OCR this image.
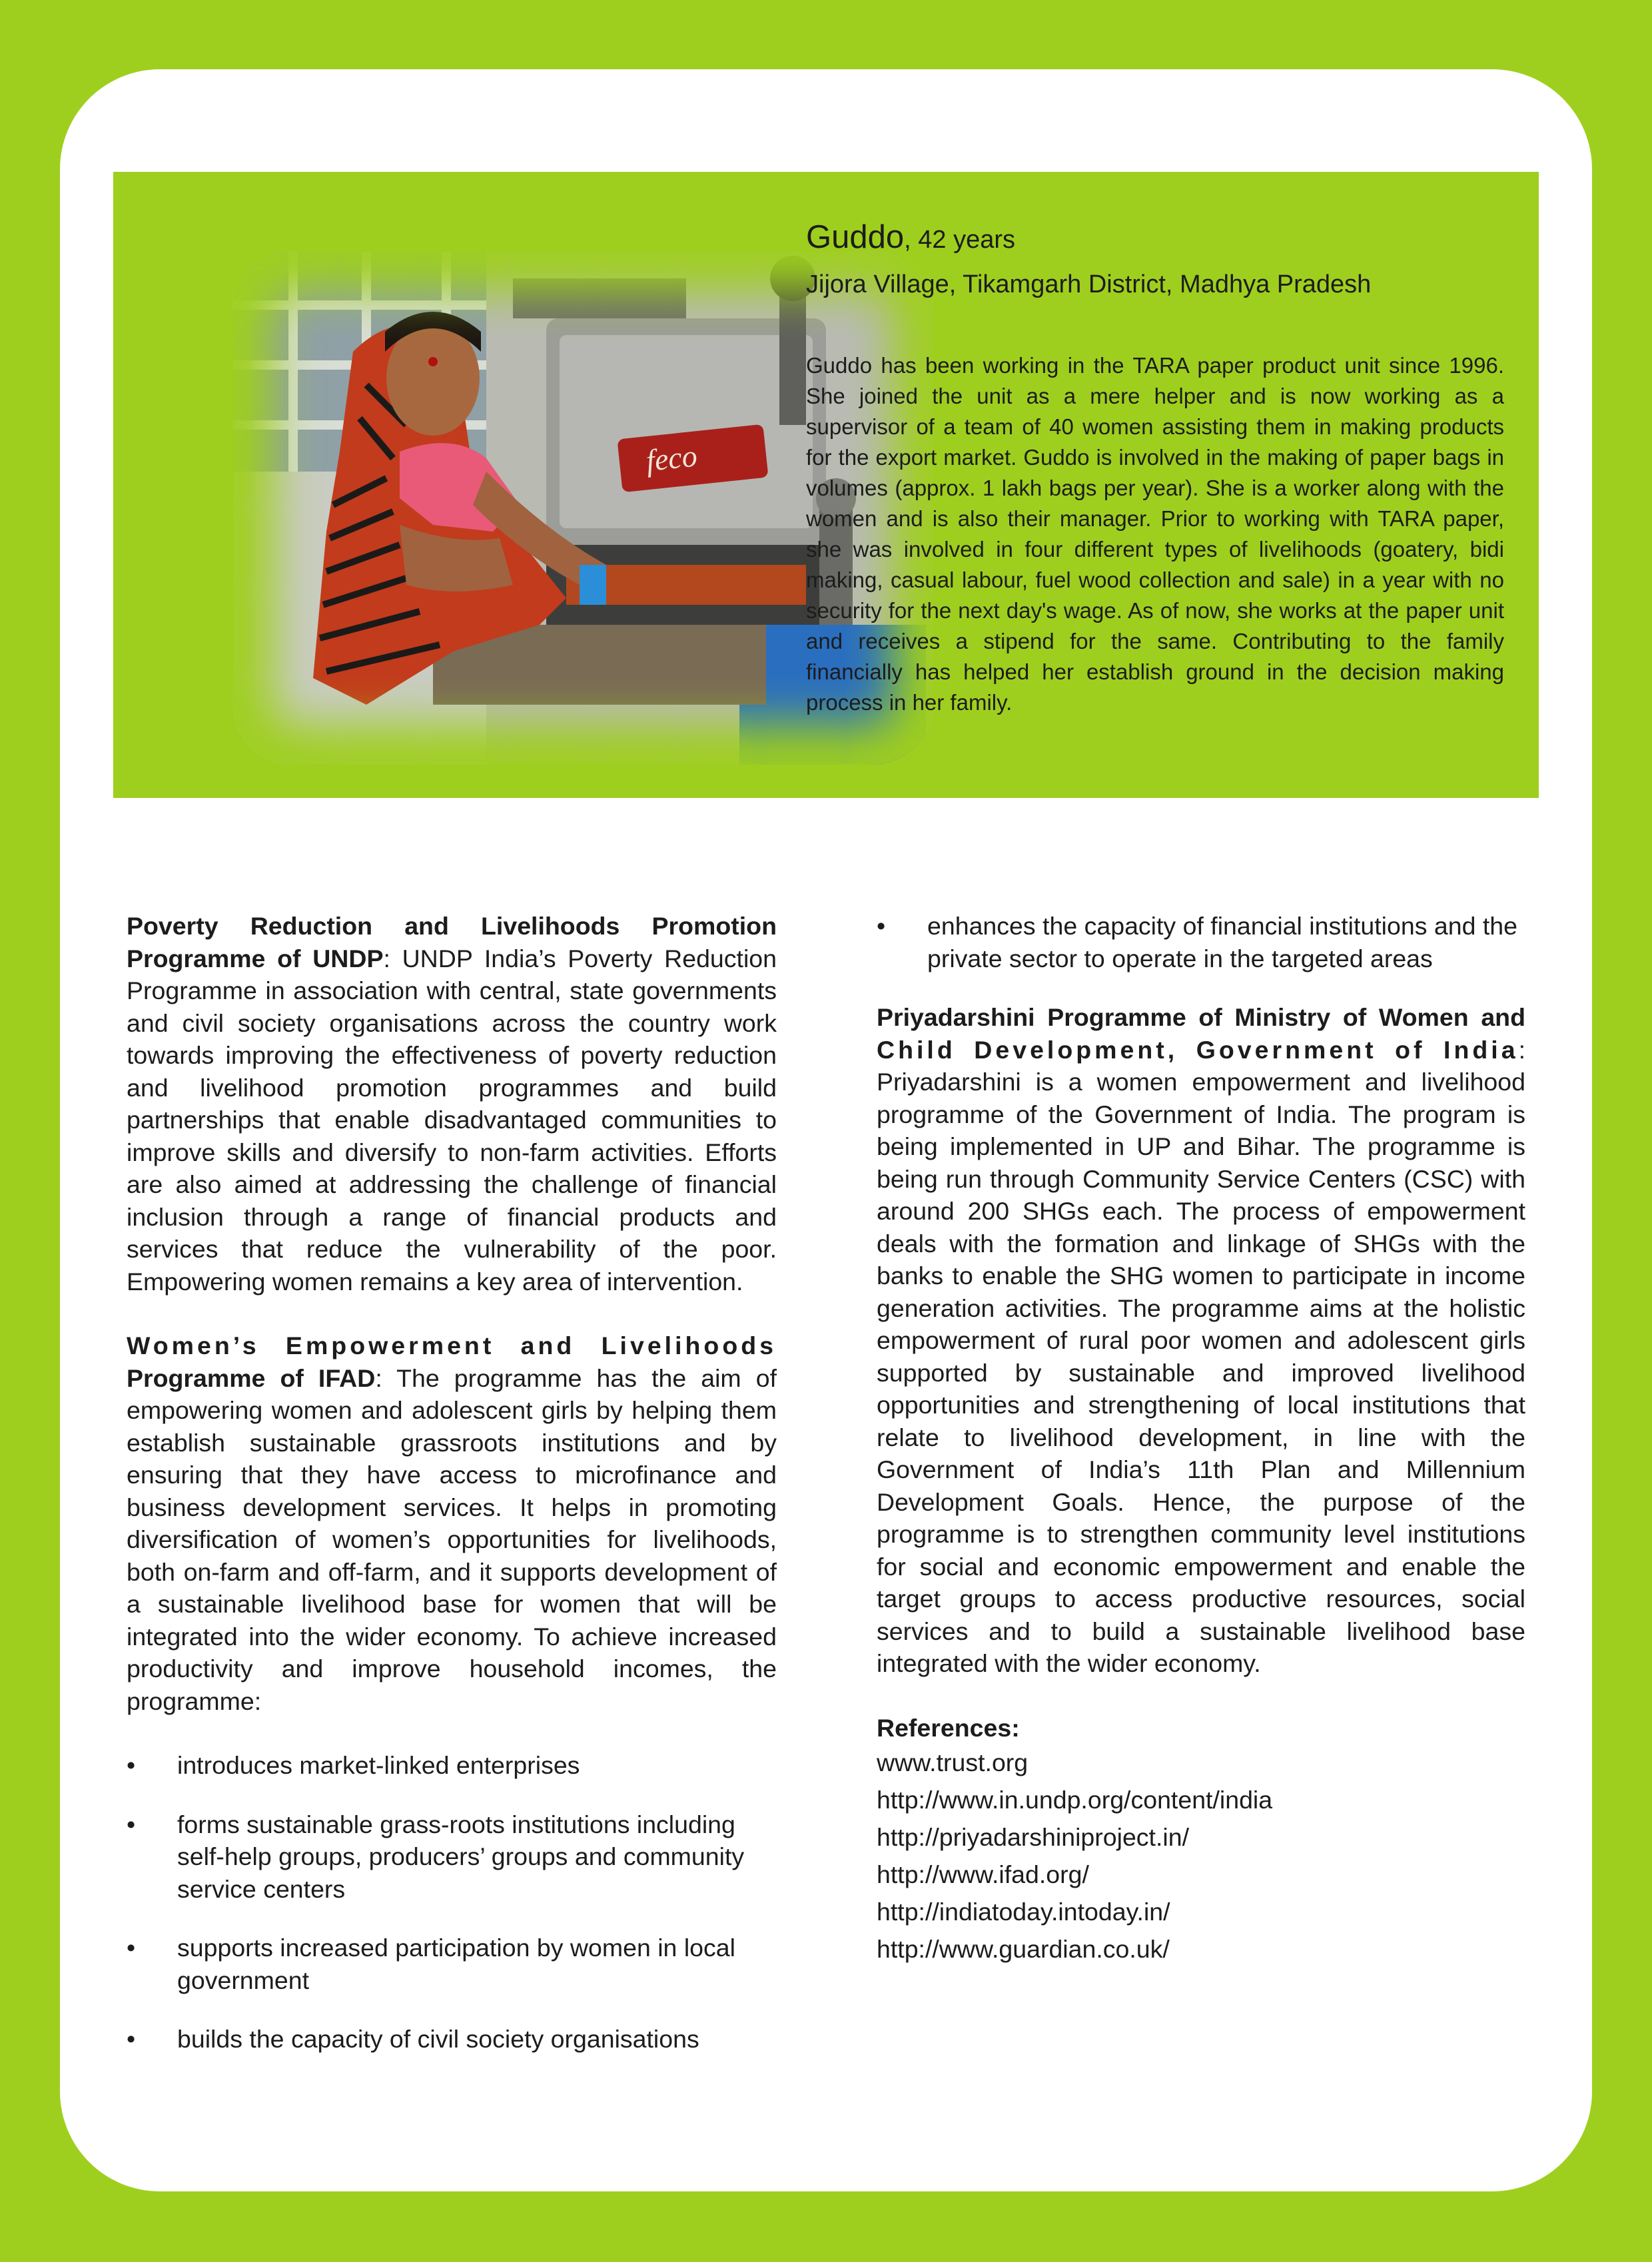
feco
Guddo, 42 years
Jijora Village, Tikamgarh District, Madhya Pradesh

Guddo has been working in the TARA paper product unit since 1996. She joined the unit as a mere helper and is now working as a supervisor of a team of 40 women assisting them in making products for the export market. Guddo is involved in the making of paper bags in volumes (approx. 1 lakh bags per year). She is a worker along with the women and is also their manager. Prior to working with TARA paper, she was involved in four different types of livelihoods (goatery, bidi making, casual labour, fuel wood collection and sale) in a year with no security for the next day's wage. As of now, she works at the paper unit and receives a stipend for the same. Contributing to the family financially has helped her establish ground in the decision making process in her family.

Poverty Reduction and Livelihoods Promotion Programme of UNDP: UNDP India’s Poverty Reduction Programme in association with central, state governments and civil society organisations across the country work towards improving the effectiveness of poverty reduction and livelihood promotion programmes and build partnerships that enable disadvantaged communities to improve skills and diversify to non-farm activities. Efforts are also aimed at addressing the challenge of financial inclusion through a range of financial products and services that reduce the vulnerability of the poor. Empowering women remains a key area of intervention.

Women’s Empowerment and Livelihoods Programme of IFAD: The programme has the aim of empowering women and adolescent girls by helping them establish sustainable grassroots institutions and by ensuring that they have access to microfinance and business development services. It helps in promoting diversification of women’s opportunities for livelihoods, both on-farm and off-farm, and it supports development of a sustainable livelihood base for women that will be integrated into the wider economy. To achieve increased productivity and improve household incomes, the programme:

• introduces market-linked enterprises
• forms sustainable grass-roots institutions including self-help groups, producers’ groups and community service centers
• supports increased participation by women in local government
• builds the capacity of civil society organisations
• enhances the capacity of financial institutions and the private sector to operate in the targeted areas

Priyadarshini Programme of Ministry of Women and Child Development, Government of India: Priyadarshini is a women empowerment and livelihood programme of the Government of India. The program is being implemented in UP and Bihar. The programme is being run through Community Service Centers (CSC) with around 200 SHGs each. The process of empowerment deals with the formation and linkage of SHGs with the banks to enable the SHG women to participate in income generation activities. The programme aims at the holistic empowerment of rural poor women and adolescent girls supported by sustainable and improved livelihood opportunities and strengthening of local institutions that relate to livelihood development, in line with the Government of India’s 11th Plan and Millennium Development Goals. Hence, the purpose of the programme is to strengthen community level institutions for social and economic empowerment and enable the target groups to access productive resources, social services and to build a sustainable livelihood base integrated with the wider economy.

References:

www.trust.org
http://www.in.undp.org/content/india
http://priyadarshiniproject.in/
http://www.ifad.org/
http://indiatoday.intoday.in/
http://www.guardian.co.uk/
